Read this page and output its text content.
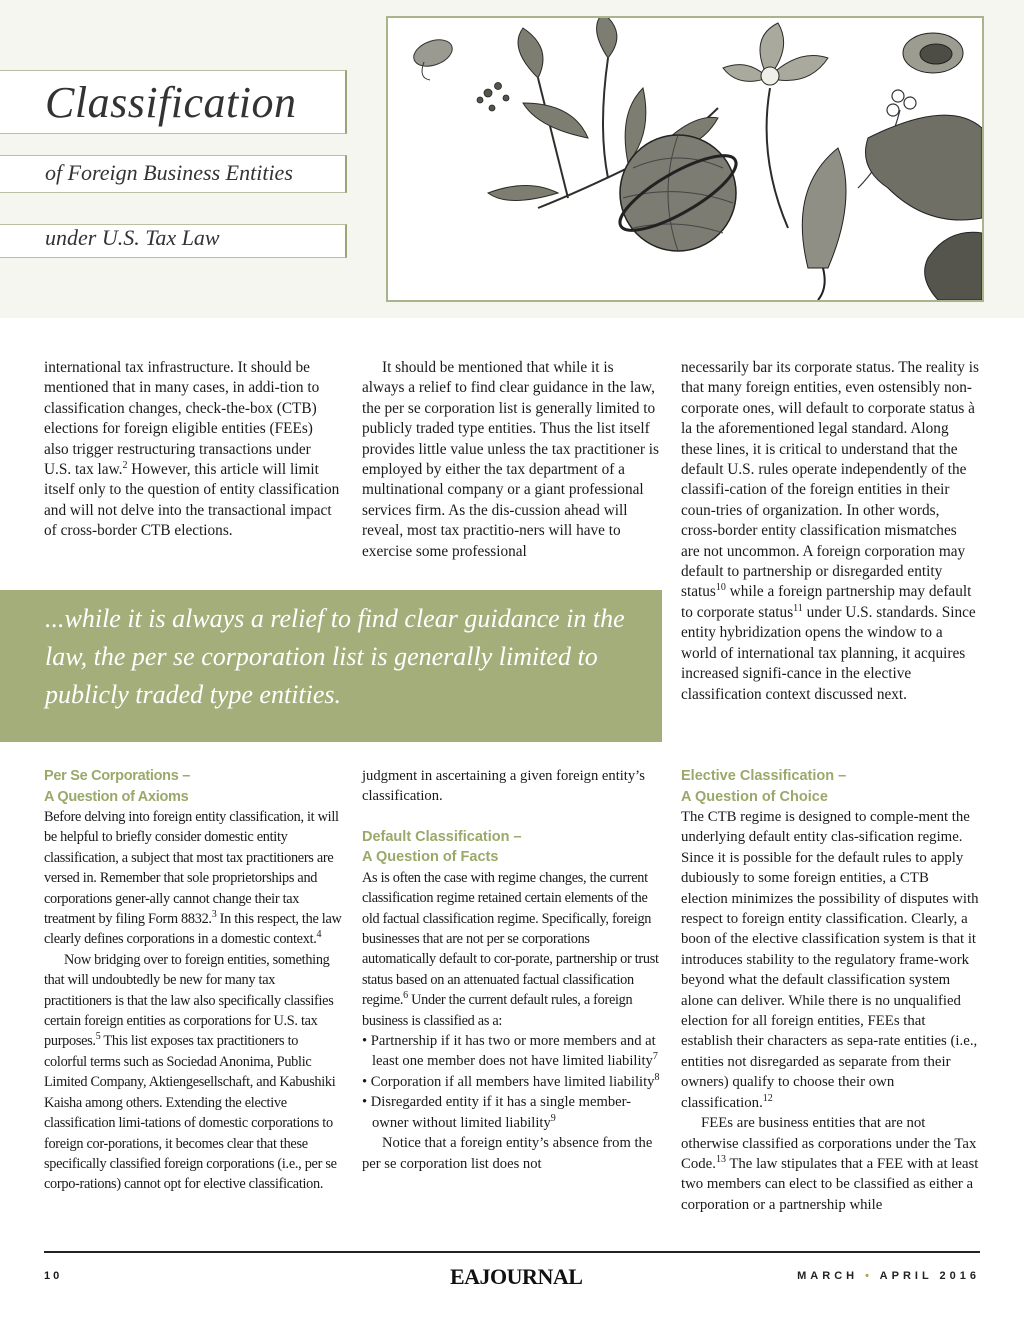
Classification
of Foreign Business Entities
under U.S. Tax Law

international tax infrastructure. It should be mentioned that in many cases, in addi-tion to classification changes, check-the-box (CTB) elections for foreign eligible entities (FEEs) also trigger restructuring transactions under U.S. tax law.$^2$ However, this article will limit itself only to the question of entity classification and will not delve into the transactional impact of cross-border CTB elections.

It should be mentioned that while it is always a relief to find clear guidance in the law, the per se corporation list is generally limited to publicly traded type entities. Thus the list itself provides little value unless the tax practitioner is employed by either the tax department of a multinational company or a giant professional services firm. As the dis-cussion ahead will reveal, most tax practitio-ners will have to exercise some professional

necessarily bar its corporate status. The reality is that many foreign entities, even ostensibly non-corporate ones, will default to corporate status à la the aforementioned legal standard. Along these lines, it is critical to understand that the default U.S. rules operate independently of the classifi-cation of the foreign entities in their coun-tries of organization. In other words, cross-border entity classification mismatches are not uncommon. A foreign corporation may default to partnership or disregarded entity status$^{10}$ while a foreign partnership may default to corporate status$^{11}$ under U.S. standards. Since entity hybridization opens the window to a world of international tax planning, it acquires increased signifi-cance in the elective classification context discussed next.

...while it is always a relief to find clear guidance in the law, the per se corporation list is generally limited to publicly traded type entities.

Per Se Corporations –

A Question of Axioms

Before delving into foreign entity classification, it will be helpful to briefly consider domestic entity classification, a subject that most tax practitioners are versed in. Remember that sole proprietorships and corporations gener-ally cannot change their tax treatment by filing Form 8832.$^3$ In this respect, the law clearly defines corporations in a domestic context.$^4$

Now bridging over to foreign entities, something that will undoubtedly be new for many tax practitioners is that the law also specifically classifies certain foreign entities as corporations for U.S. tax purposes.$^5$ This list exposes tax practitioners to colorful terms such as Sociedad Anonima, Public Limited Company, Aktiengesellschaft, and Kabushiki Kaisha among others. Extending the elective classification limi-tations of domestic corporations to foreign cor-porations, it becomes clear that these specifically classified foreign corporations (i.e., per se corpo-rations) cannot opt for elective classification.

judgment in ascertaining a given foreign entity’s classification.

Default Classification –

A Question of Facts

As is often the case with regime changes, the current classification regime retained certain elements of the old factual classification regime. Specifically, foreign businesses that are not per se corporations automatically default to cor-porate, partnership or trust status based on an attenuated factual classification regime.$^6$ Under the current default rules, a foreign business is classified as a:

• Partnership if it has two or more members and at least one member does not have limited liability$^7$
• Corporation if all members have limited liability$^8$
• Disregarded entity if it has a single member-owner without limited liability$^9$

Notice that a foreign entity’s absence from the per se corporation list does not

Elective Classification –

A Question of Choice

The CTB regime is designed to comple-ment the underlying default entity clas-sification regime. Since it is possible for the default rules to apply dubiously to some foreign entities, a CTB election minimizes the possibility of disputes with respect to foreign entity classification. Clearly, a boon of the elective classification system is that it introduces stability to the regulatory frame-work beyond what the default classification system alone can deliver. While there is no unqualified election for all foreign entities, FEEs that establish their characters as sepa-rate entities (i.e., entities not disregarded as separate from their owners) qualify to choose their own classification.$^{12}$

FEEs are business entities that are not otherwise classified as corporations under the Tax Code.$^{13}$ The law stipulates that a FEE with at least two members can elect to be classified as either a corporation or a partnership while

10	EAJOURNAL	MARCH • APRIL 2016
